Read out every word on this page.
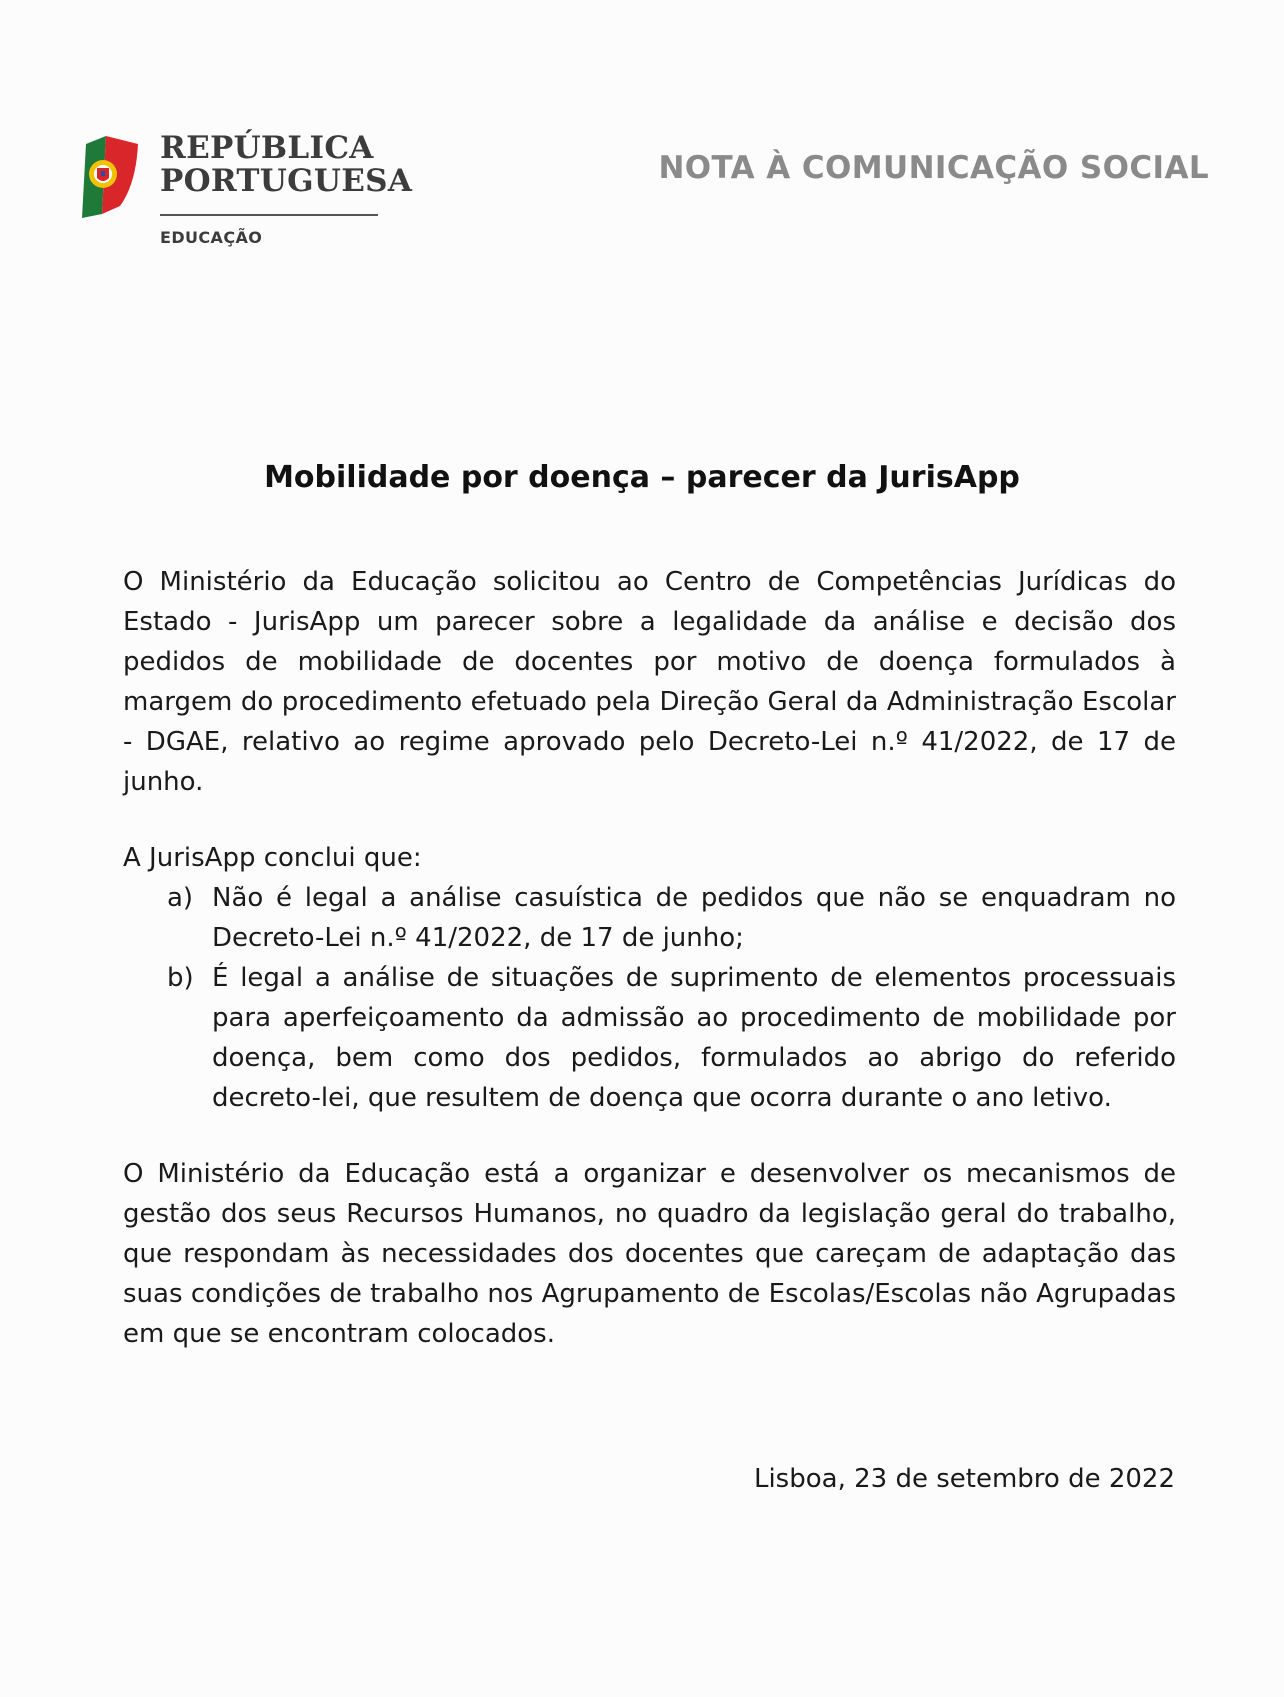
REPÚBLICA
PORTUGUESA
EDUCAÇÃO
NOTA À COMUNICAÇÃO SOCIAL
Mobilidade por doença – parecer da JurisApp

O Ministério da Educação solicitou ao Centro de Competências Jurídicas do Estado - JurisApp um parecer sobre a legalidade da análise e decisão dos pedidos de mobilidade de docentes por motivo de doença formulados à margem do procedimento efetuado pela Direção Geral da Administração Escolar - DGAE, relativo ao regime aprovado pelo Decreto-Lei n.º 41/2022, de 17 de junho.

A JurisApp conclui que:

a) Não é legal a análise casuística de pedidos que não se enquadram no Decreto-Lei n.º 41/2022, de 17 de junho;
b) É legal a análise de situações de suprimento de elementos processuais para aperfeiçoamento da admissão ao procedimento de mobilidade por doença, bem como dos pedidos, formulados ao abrigo do referido decreto-lei, que resultem de doença que ocorra durante o ano letivo.

O Ministério da Educação está a organizar e desenvolver os mecanismos de gestão dos seus Recursos Humanos, no quadro da legislação geral do trabalho, que respondam às necessidades dos docentes que careçam de adaptação das suas condições de trabalho nos Agrupamento de Escolas/Escolas não Agrupadas em que se encontram colocados.

Lisboa, 23 de setembro de 2022
